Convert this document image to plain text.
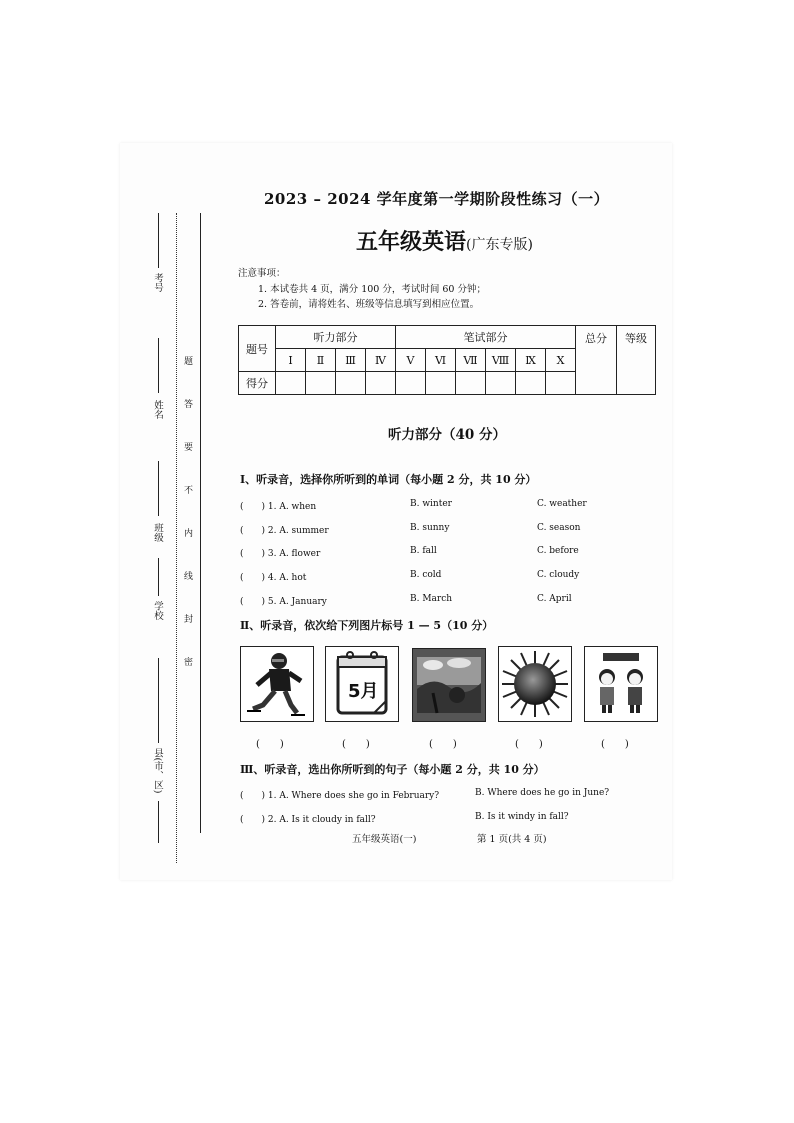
考号
姓名
班级
学校
县(市、区)
题
答
要
不
内
线
封
密
2023 – 2024 学年度第一学期阶段性练习（一）
五年级英语(广东专版)
注意事项：
1. 本试卷共 4 页，满分 100 分，考试时间 60 分钟；
2. 答卷前，请将姓名、班级等信息填写到相应位置。
题号	听力部分				笔试部分						总分	等级
	Ⅰ	Ⅱ	Ⅲ	Ⅳ	Ⅴ	Ⅵ	Ⅶ	Ⅷ	Ⅸ	Ⅹ		
得分												
听力部分（40 分）
Ⅰ、听录音，选择你所听到的单词（每小题 2 分，共 10 分）
(　　) 1. A. when	B. winter	C. weather
(　　) 2. A. summer	B. sunny	C. season
(　　) 3. A. flower	B. fall	C. before
(　　) 4. A. hot	B. cold	C. cloudy
(　　) 5. A. January	B. March	C. April
Ⅱ、听录音，依次给下列图片标号 1 — 5（10 分）
5月
(　　)	(　　)	(　　)	(　　)	(　　)
Ⅲ、听录音，选出你所听到的句子（每小题 2 分，共 10 分）
(　　) 1. A. Where does she go in February?	B. Where does he go in June?
(　　) 2. A. Is it cloudy in fall?	B. Is it windy in fall?
五年级英语(一)	第 1 页(共 4 页)
